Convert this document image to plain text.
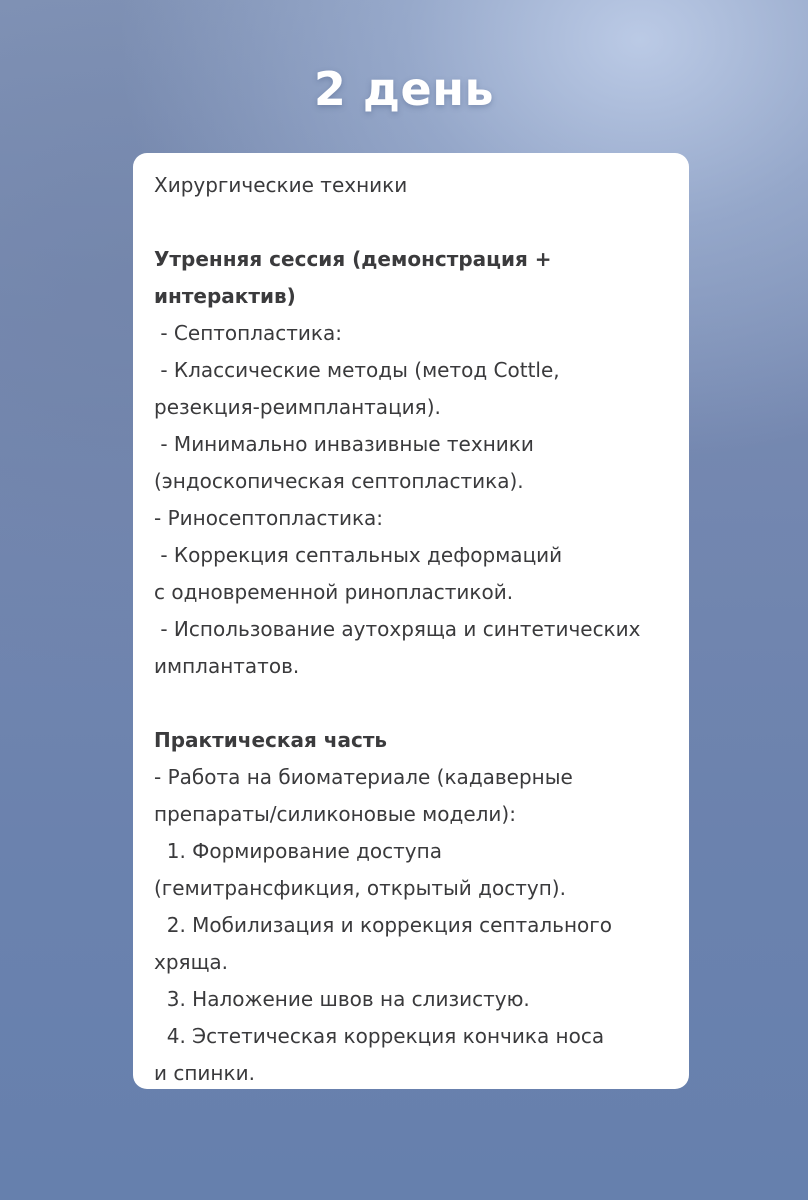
2 день
Хирургические техники
Утренняя сессия (демонстрация +
интерактив)
- Септопластика:
- Классические методы (метод Cottle,
резекция-реимплантация).
- Минимально инвазивные техники
(эндоскопическая септопластика).
- Риносептопластика:
- Коррекция септальных деформаций
с одновременной ринопластикой.
- Использование аутохряща и синтетических
имплантатов.
Практическая часть
- Работа на биоматериале (кадаверные
препараты/силиконовые модели):
1. Формирование доступа
(гемитрансфикция, открытый доступ).
2. Мобилизация и коррекция септального
хряща.
3. Наложение швов на слизистую.
4. Эстетическая коррекция кончика носа
и спинки.
